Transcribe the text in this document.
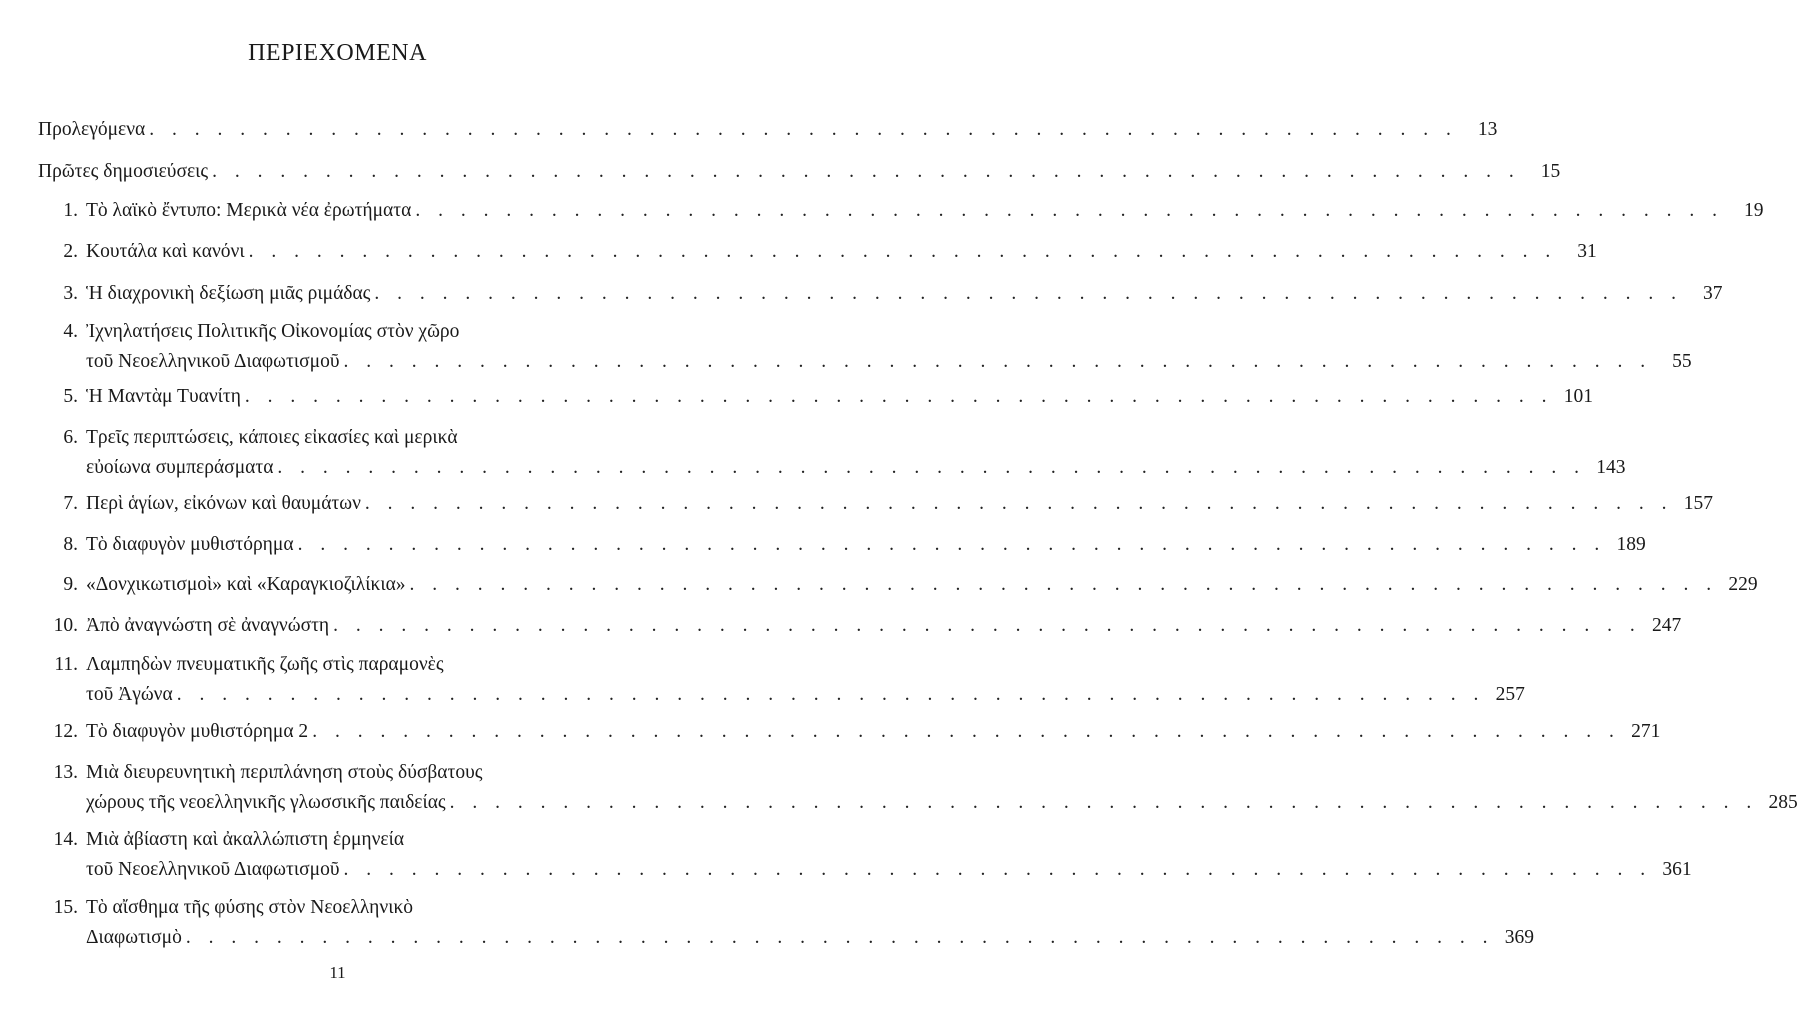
ΠΕΡΙΕΧΟΜΕΝΑ
Προλεγόμενα . . . . . . . . . . . . . . . . . . . . . . . . . . . . . . . . . . . . . . . . . . . . . . . . . . . . . . . . . .	13
Πρῶτες δημοσιεύσεις . . . . . . . . . . . . . . . . . . . . . . . . . . . . . . . . . . . . . . . . . . . . . . . . . . . . . . . . . .	15
1. Τὸ λαϊκὸ ἔντυπο: Μερικὰ νέα ἐρωτήματα . . . . . . . . . . . . . . . . . . . . . . . . . . . . . . . . . . . . . . . . . . . . . . . . . . . . . . . . . .	19
2. Κουτάλα καὶ κανόνι . . . . . . . . . . . . . . . . . . . . . . . . . . . . . . . . . . . . . . . . . . . . . . . . . . . . . . . . . .	31
3. Ἡ διαχρονικὴ δεξίωση μιᾶς ριμάδας . . . . . . . . . . . . . . . . . . . . . . . . . . . . . . . . . . . . . . . . . . . . . . . . . . . . . . . . . .	37
4. Ἰχνηλατήσεις Πολιτικῆς Οἰκονομίας στὸν χῶρο
τοῦ Νεοελληνικοῦ Διαφωτισμοῦ . . . . . . . . . . . . . . . . . . . . . . . . . . . . . . . . . . . . . . . . . . . . . . . . . . . . . . . . . .	55
5. Ἡ Μαντὰμ Τυανίτη . . . . . . . . . . . . . . . . . . . . . . . . . . . . . . . . . . . . . . . . . . . . . . . . . . . . . . . . . . 101
6. Τρεῖς περιπτώσεις, κάποιες εἰκασίες καὶ μερικὰ
εὐοίωνα συμπεράσματα . . . . . . . . . . . . . . . . . . . . . . . . . . . . . . . . . . . . . . . . . . . . . . . . . . . . . . . . . . 143
7. Περὶ ἁγίων, εἰκόνων καὶ θαυμάτων . . . . . . . . . . . . . . . . . . . . . . . . . . . . . . . . . . . . . . . . . . . . . . . . . . . . . . . . . . 157
8. Τὸ διαφυγὸν μυθιστόρημα . . . . . . . . . . . . . . . . . . . . . . . . . . . . . . . . . . . . . . . . . . . . . . . . . . . . . . . . . . 189
9. «Δονχικωτισμοὶ» καὶ «Καραγκιοζιλίκια» . . . . . . . . . . . . . . . . . . . . . . . . . . . . . . . . . . . . . . . . . . . . . . . . . . . . . . . . . . 229
10. Ἀπὸ ἀναγνώστη σὲ ἀναγνώστη . . . . . . . . . . . . . . . . . . . . . . . . . . . . . . . . . . . . . . . . . . . . . . . . . . . . . . . . . . 247
11. Λαμπηδὼν πνευματικῆς ζωῆς στὶς παραμονὲς
τοῦ Ἀγώνα . . . . . . . . . . . . . . . . . . . . . . . . . . . . . . . . . . . . . . . . . . . . . . . . . . . . . . . . . . 257
12. Τὸ διαφυγὸν μυθιστόρημα 2 . . . . . . . . . . . . . . . . . . . . . . . . . . . . . . . . . . . . . . . . . . . . . . . . . . . . . . . . . . 271
13. Μιὰ διευρευνητικὴ περιπλάνηση στοὺς δύσβατους
χώρους τῆς νεοελληνικῆς γλωσσικῆς παιδείας . . . . . . . . . . . . . . . . . . . . . . . . . . . . . . . . . . . . . . . . . . . . . . . . . . . . . . . . . . 285
14. Μιὰ ἀβίαστη καὶ ἀκαλλώπιστη ἑρμηνεία
τοῦ Νεοελληνικοῦ Διαφωτισμοῦ . . . . . . . . . . . . . . . . . . . . . . . . . . . . . . . . . . . . . . . . . . . . . . . . . . . . . . . . . . 361
15. Τὸ αἴσθημα τῆς φύσης στὸν Νεοελληνικὸ
Διαφωτισμὸ . . . . . . . . . . . . . . . . . . . . . . . . . . . . . . . . . . . . . . . . . . . . . . . . . . . . . . . . . . 369
11
